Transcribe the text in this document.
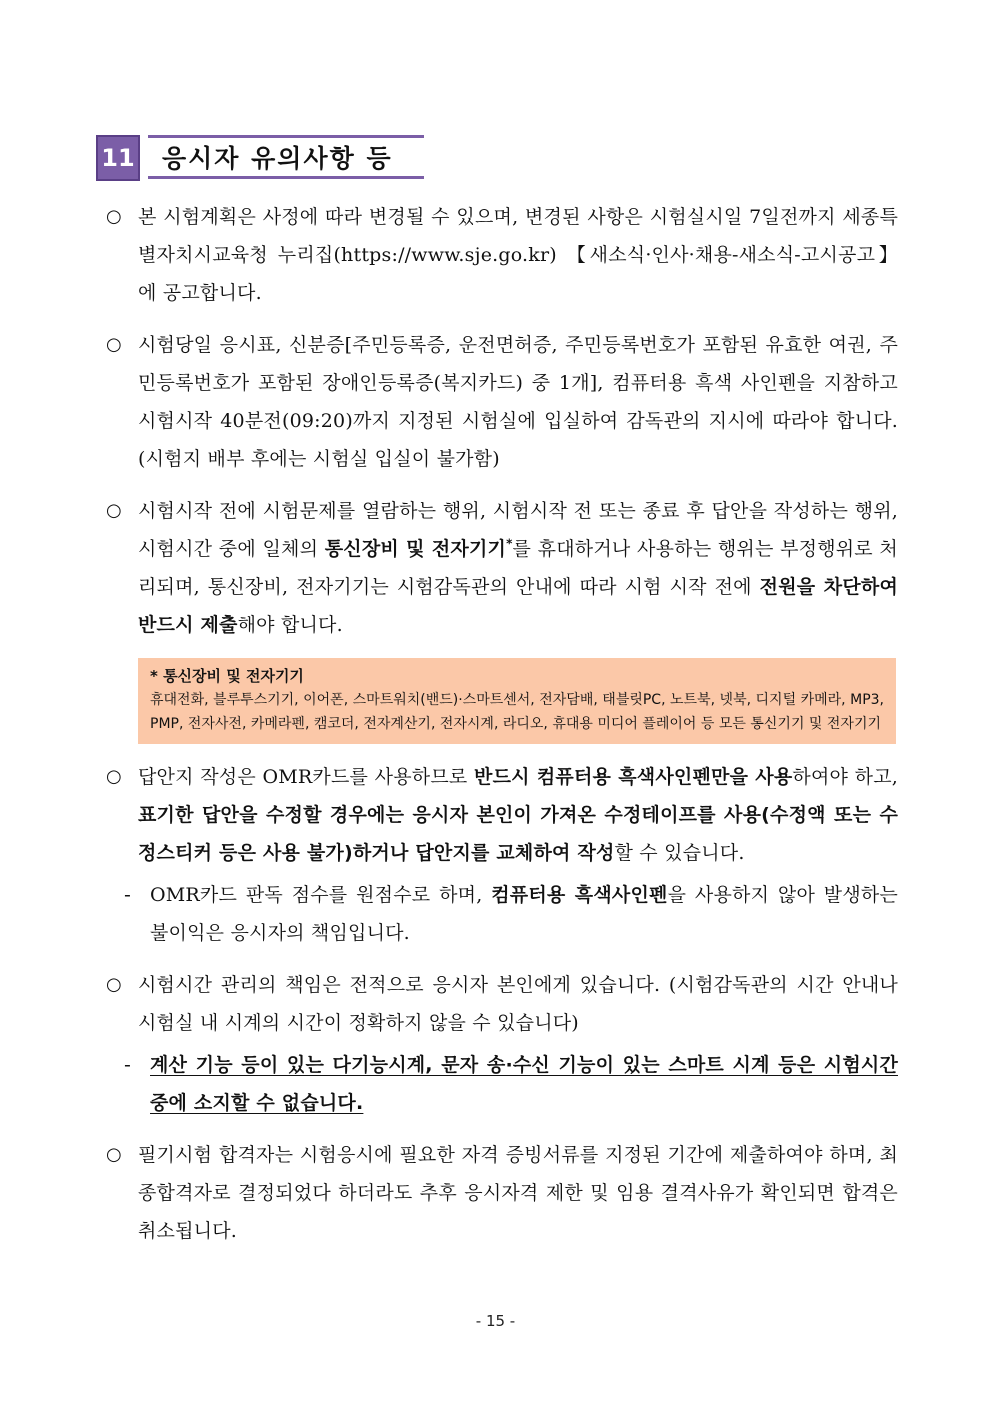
11 응시자 유의사항 등
○ 본 시험계획은 사정에 따라 변경될 수 있으며, 변경된 사항은 시험실시일 7일전까지 세종특별자치시교육청 누리집(https://www.sje.go.kr) 【새소식·인사·채용-새소식-고시공고】에 공고합니다.
○ 시험당일 응시표, 신분증[주민등록증, 운전면허증, 주민등록번호가 포함된 유효한 여권, 주민등록번호가 포함된 장애인등록증(복지카드) 중 1개], 컴퓨터용 흑색 사인펜을 지참하고 시험시작 40분전(09:20)까지 지정된 시험실에 입실하여 감독관의 지시에 따라야 합니다. (시험지 배부 후에는 시험실 입실이 불가함)
○ 시험시작 전에 시험문제를 열람하는 행위, 시험시작 전 또는 종료 후 답안을 작성하는 행위, 시험시간 중에 일체의 통신장비 및 전자기기*를 휴대하거나 사용하는 행위는 부정행위로 처리되며, 통신장비, 전자기기는 시험감독관의 안내에 따라 시험 시작 전에 전원을 차단하여 반드시 제출해야 합니다.
* 통신장비 및 전자기기
휴대전화, 블루투스기기, 이어폰, 스마트워치(밴드)·스마트센서, 전자담배, 태블릿PC, 노트북, 넷북, 디지털 카메라, MP3, PMP, 전자사전, 카메라펜, 캠코더, 전자계산기, 전자시계, 라디오, 휴대용 미디어 플레이어 등 모든 통신기기 및 전자기기
○ 답안지 작성은 OMR카드를 사용하므로 반드시 컴퓨터용 흑색사인펜만을 사용하여야 하고, 표기한 답안을 수정할 경우에는 응시자 본인이 가져온 수정테이프를 사용(수정액 또는 수정스티커 등은 사용 불가)하거나 답안지를 교체하여 작성할 수 있습니다.
- OMR카드 판독 점수를 원점수로 하며, 컴퓨터용 흑색사인펜을 사용하지 않아 발생하는 불이익은 응시자의 책임입니다.
○ 시험시간 관리의 책임은 전적으로 응시자 본인에게 있습니다. (시험감독관의 시간 안내나 시험실 내 시계의 시간이 정확하지 않을 수 있습니다)
- 계산 기능 등이 있는 다기능시계, 문자 송·수신 기능이 있는 스마트 시계 등은 시험시간 중에 소지할 수 없습니다.
○ 필기시험 합격자는 시험응시에 필요한 자격 증빙서류를 지정된 기간에 제출하여야 하며, 최종합격자로 결정되었다 하더라도 추후 응시자격 제한 및 임용 결격사유가 확인되면 합격은 취소됩니다.
- 15 -
